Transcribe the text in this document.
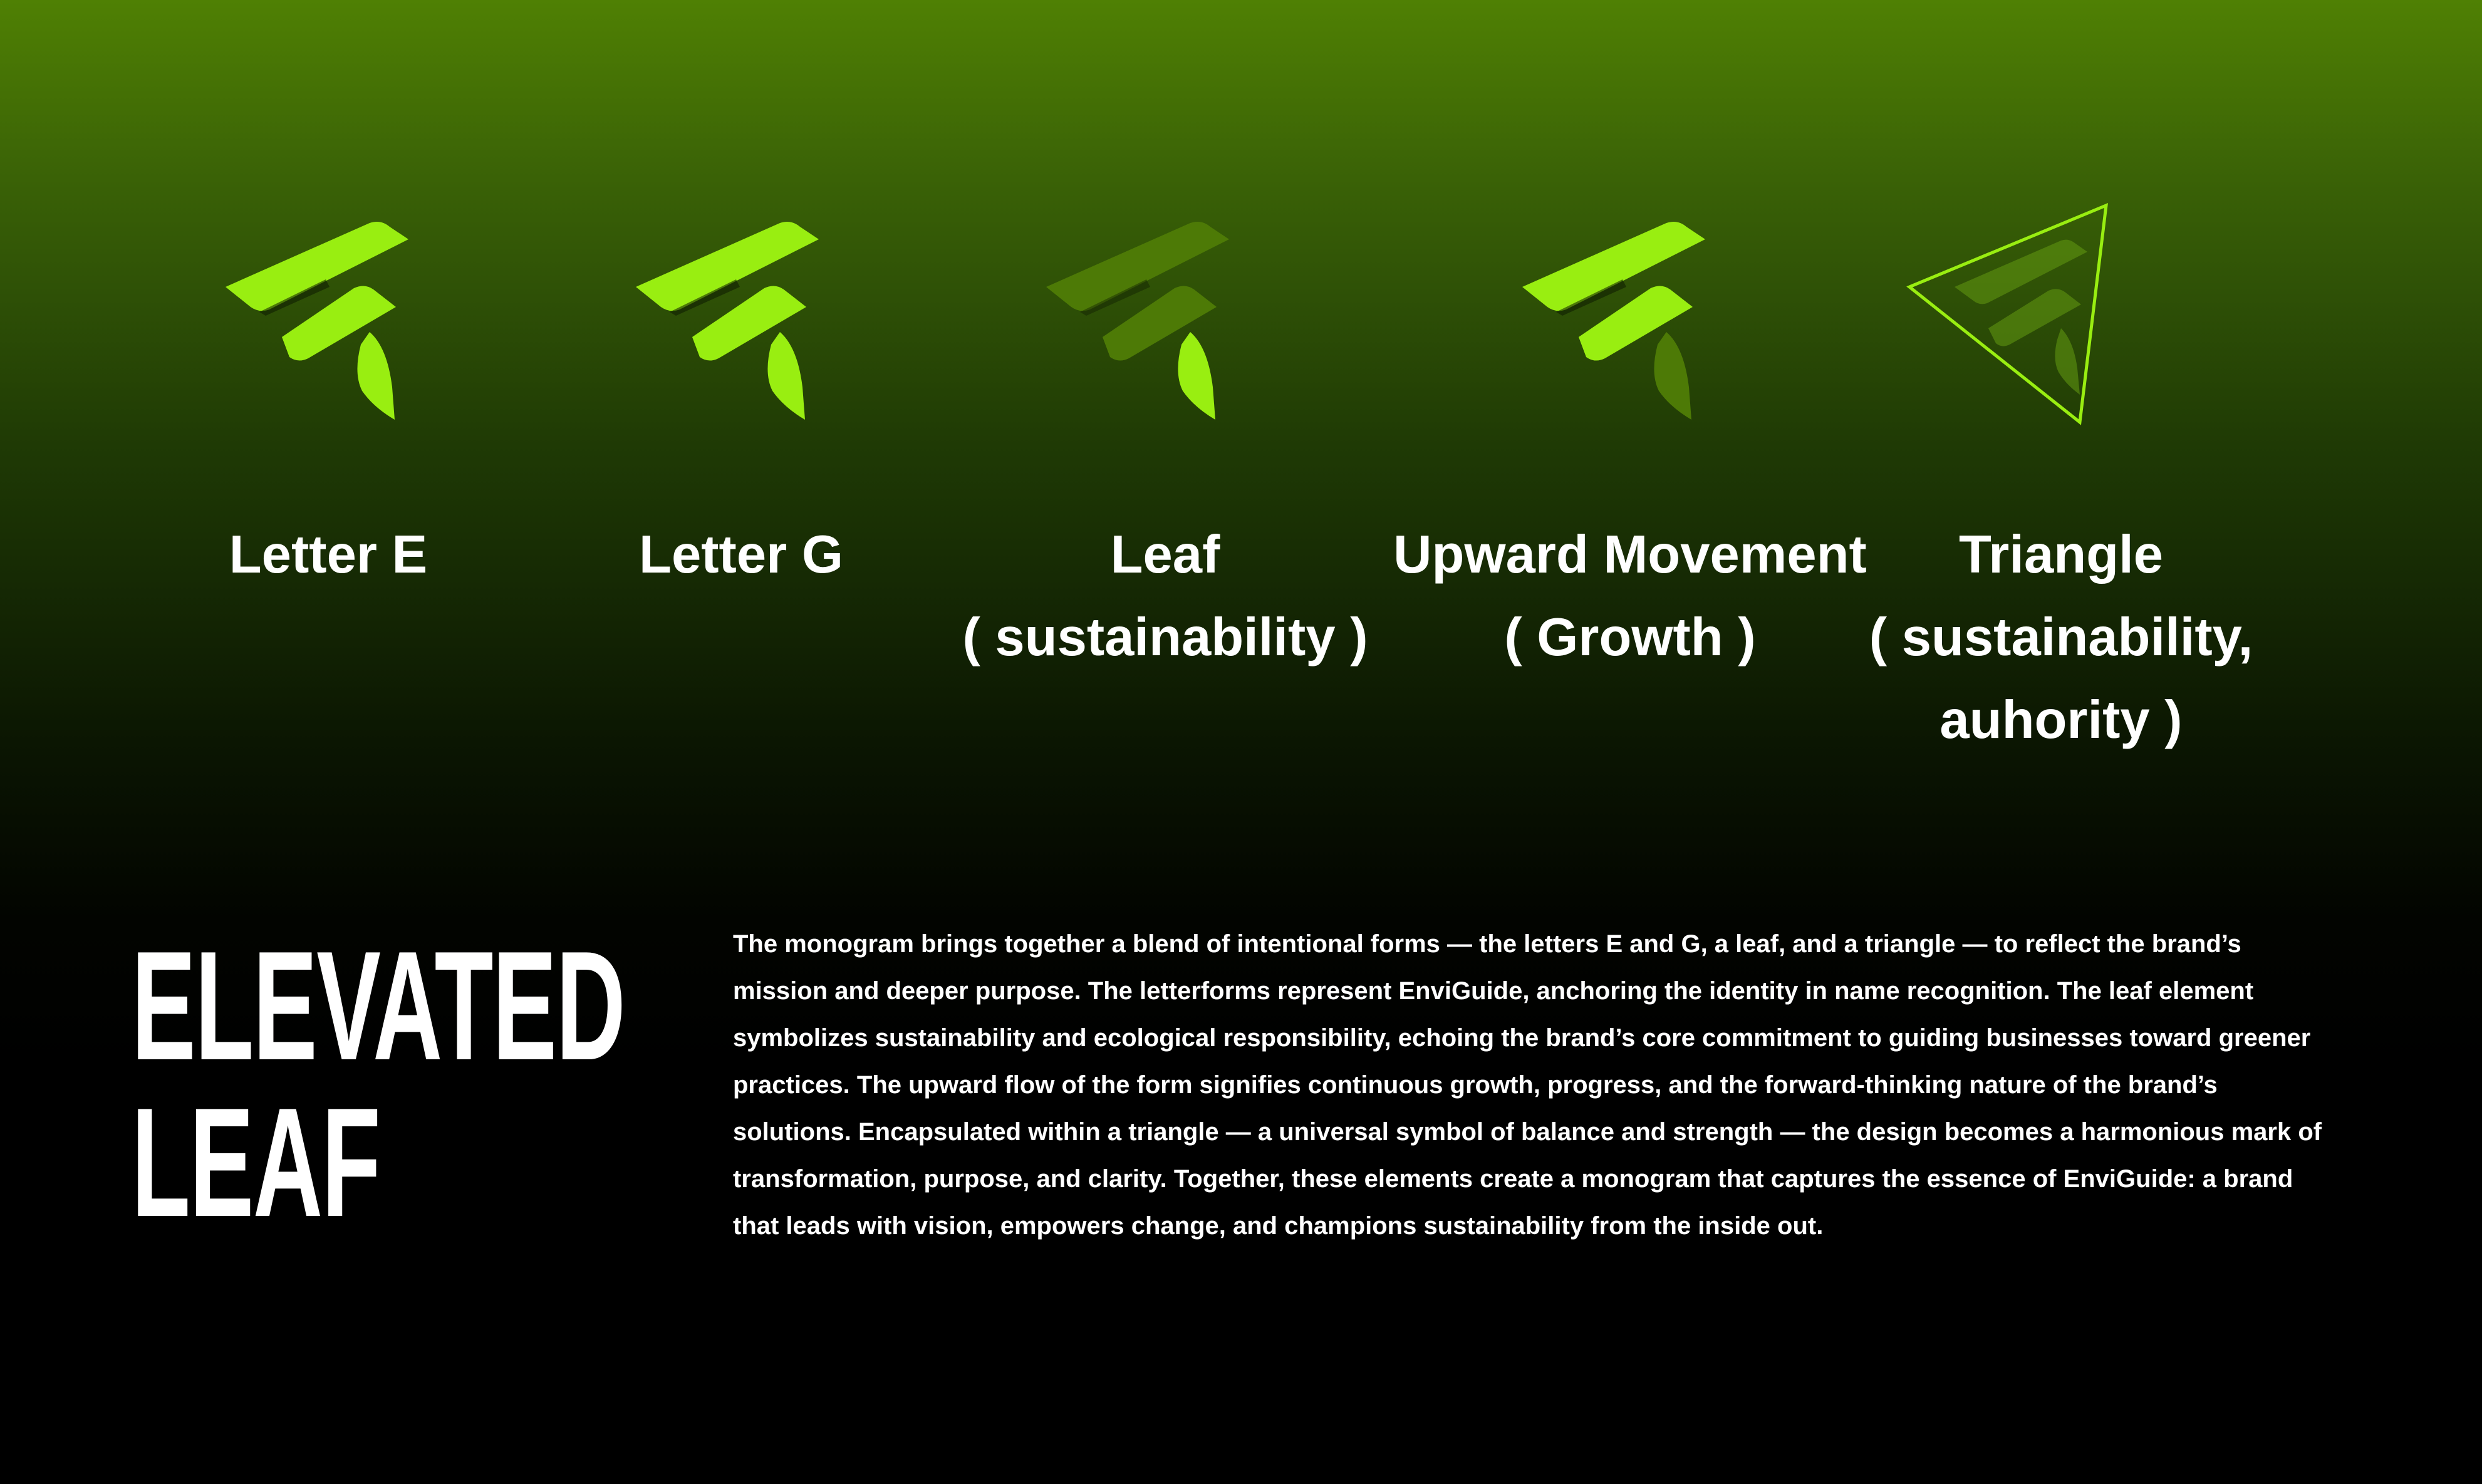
Letter E	Letter G	Leaf
( sustainability )
Upward Movement
( Growth )
Triangle
( sustainability,
auhority )
ELEVATED
LEAF

The monogram brings together a blend of intentional forms — the letters E and G, a leaf, and a triangle — to reflect the brand’s mission and deeper purpose. The letterforms represent EnviGuide, anchoring the identity in name recognition. The leaf element symbolizes sustainability and ecological responsibility, echoing the brand’s core commitment to guiding businesses toward greener practices. The upward flow of the form signifies continuous growth, progress, and the forward-thinking nature of the brand’s solutions. Encapsulated within a triangle — a universal symbol of balance and strength — the design becomes a harmonious mark of transformation, purpose, and clarity. Together, these elements create a monogram that captures the essence of EnviGuide: a brand that leads with vision, empowers change, and champions sustainability from the inside out.
